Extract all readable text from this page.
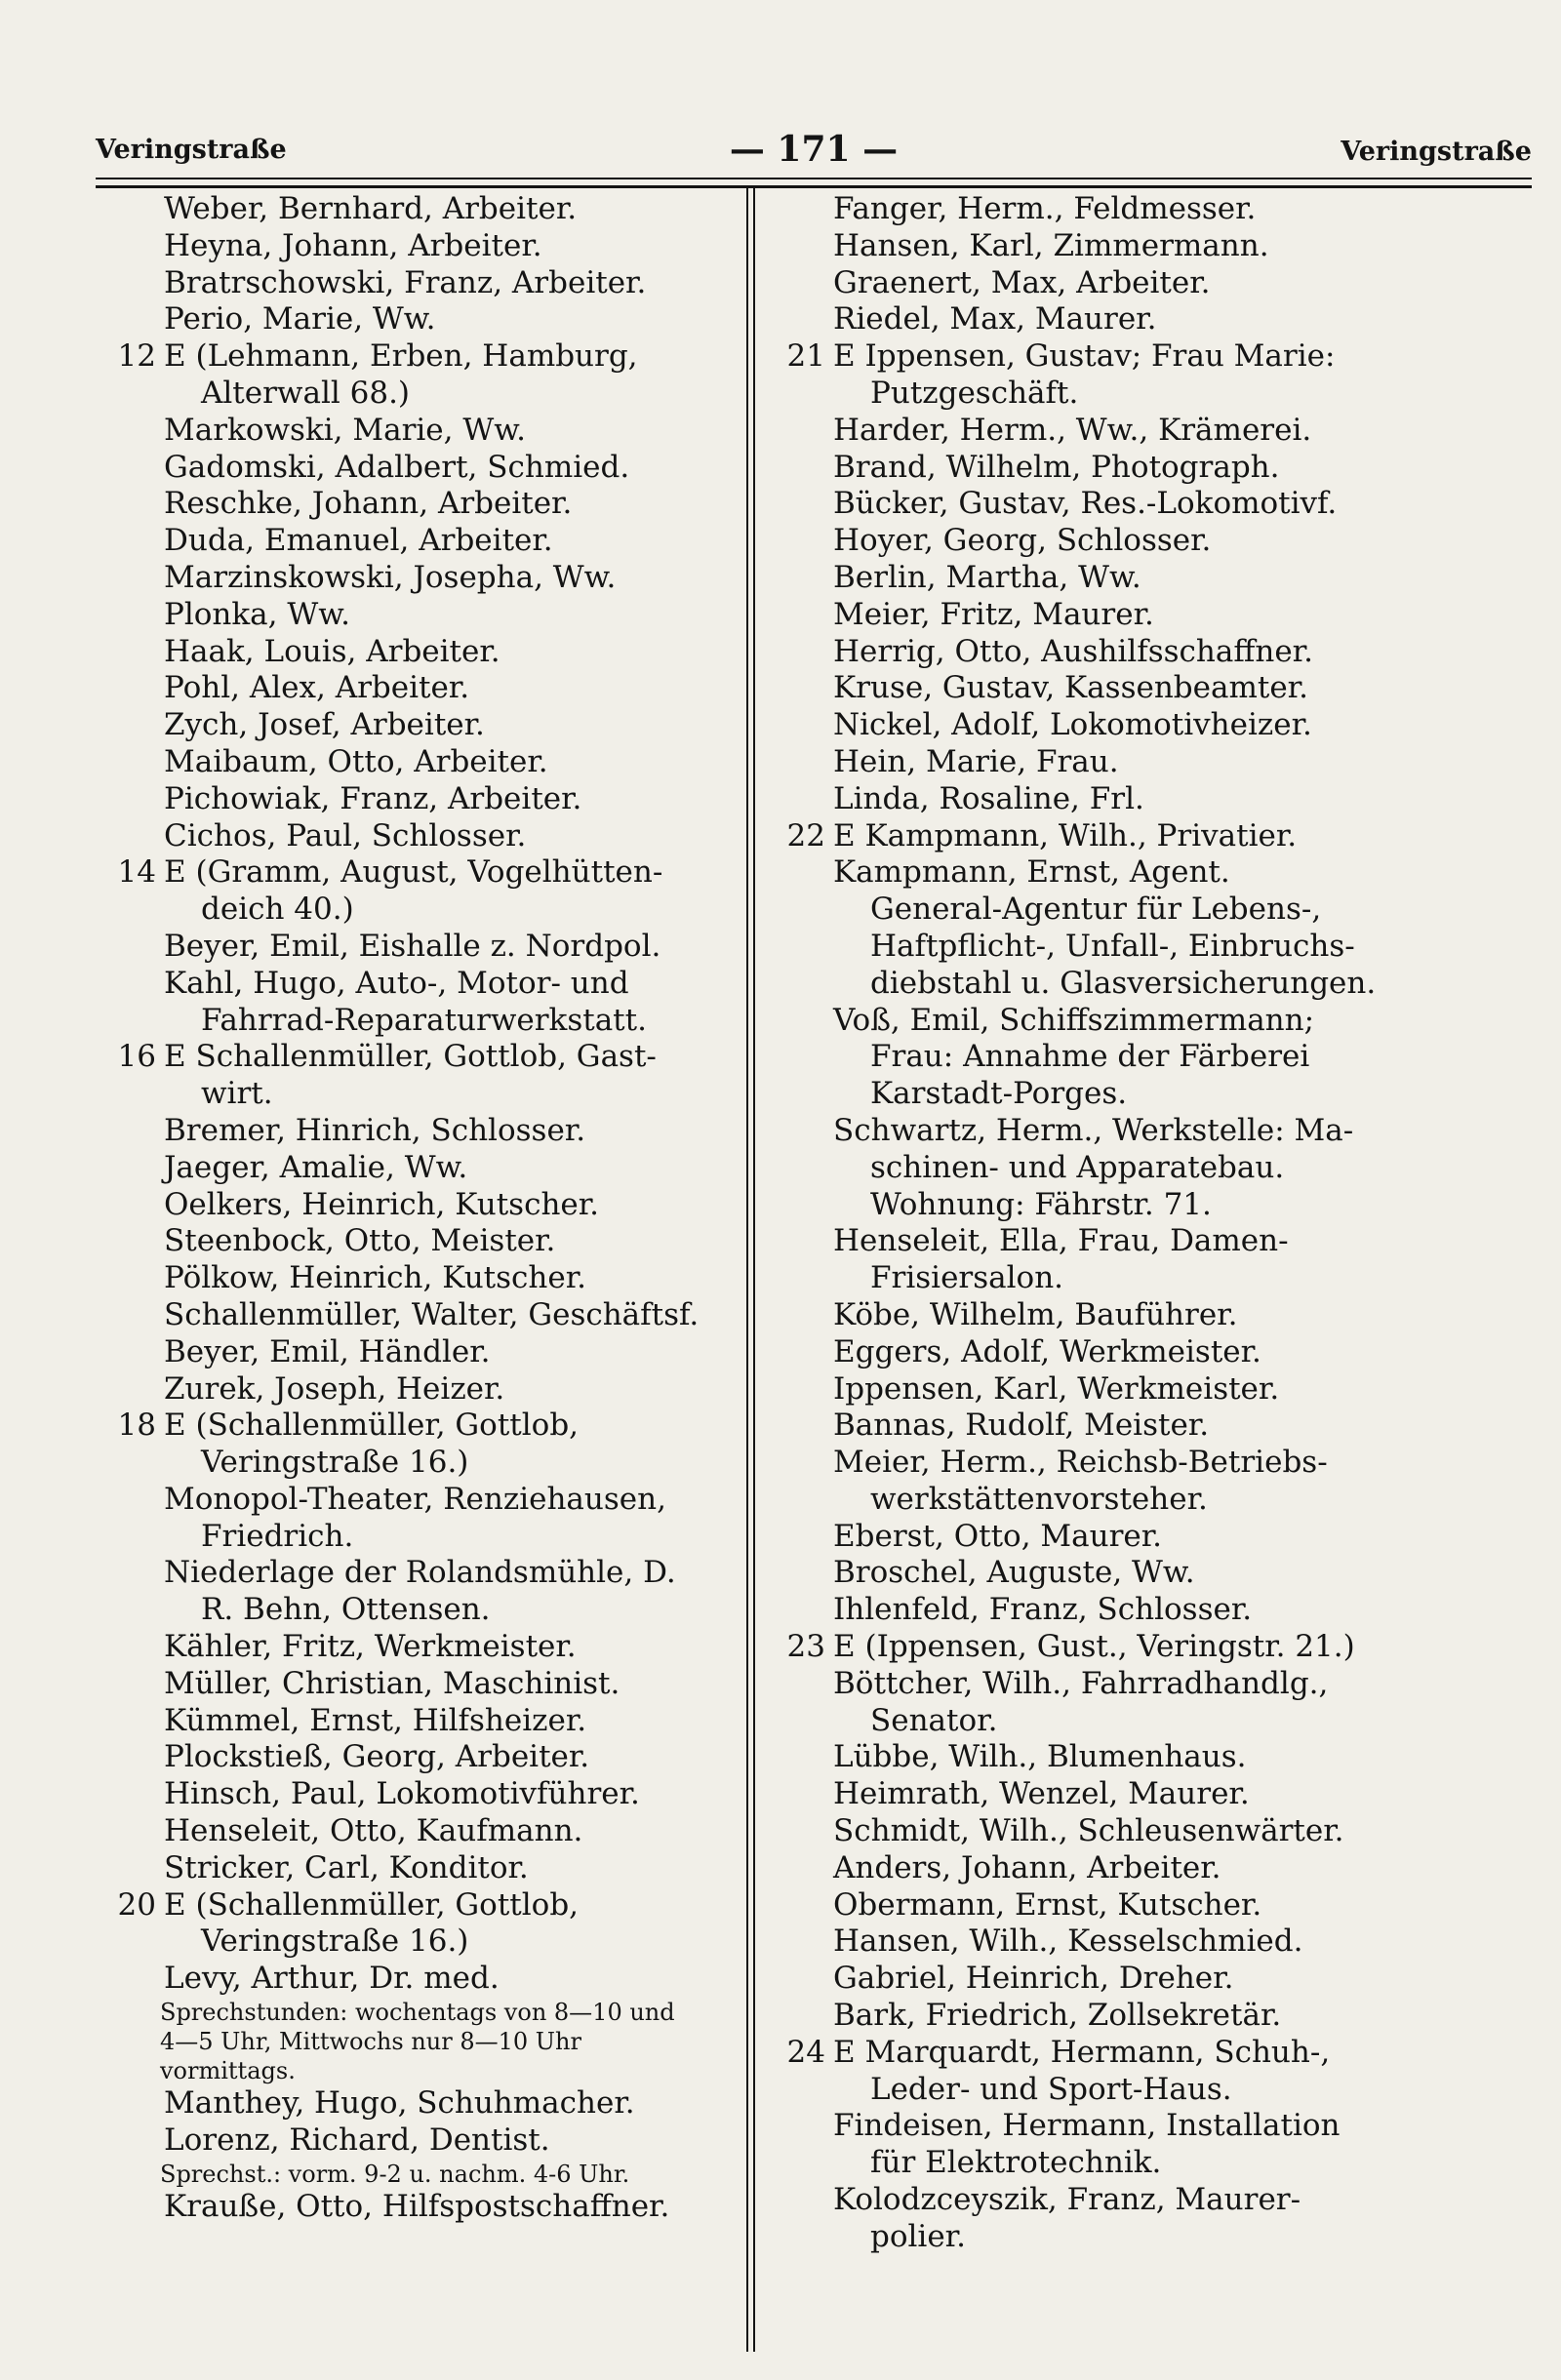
Veringstraße	— 171 —	Veringstraße
Weber, Bernhard, Arbeiter.
Heyna, Johann, Arbeiter.
Bratrschowski, Franz, Arbeiter.
Perio, Marie, Ww.
12 E (Lehmann, Erben, Hamburg,
Alterwall 68.)
Markowski, Marie, Ww.
Gadomski, Adalbert, Schmied.
Reschke, Johann, Arbeiter.
Duda, Emanuel, Arbeiter.
Marzinskowski, Josepha, Ww.
Plonka, Ww.
Haak, Louis, Arbeiter.
Pohl, Alex, Arbeiter.
Zych, Josef, Arbeiter.
Maibaum, Otto, Arbeiter.
Pichowiak, Franz, Arbeiter.
Cichos, Paul, Schlosser.
14 E (Gramm, August, Vogelhütten-
deich 40.)
Beyer, Emil, Eishalle z. Nordpol.
Kahl, Hugo, Auto-, Motor- und
Fahrrad-Reparaturwerkstatt.
16 E Schallenmüller, Gottlob, Gast-
wirt.
Bremer, Hinrich, Schlosser.
Jaeger, Amalie, Ww.
Oelkers, Heinrich, Kutscher.
Steenbock, Otto, Meister.
Pölkow, Heinrich, Kutscher.
Schallenmüller, Walter, Geschäftsf.
Beyer, Emil, Händler.
Zurek, Joseph, Heizer.
18 E (Schallenmüller, Gottlob,
Veringstraße 16.)
Monopol-Theater, Renziehausen,
Friedrich.
Niederlage der Rolandsmühle, D.
R. Behn, Ottensen.
Kähler, Fritz, Werkmeister.
Müller, Christian, Maschinist.
Kümmel, Ernst, Hilfsheizer.
Plockstieß, Georg, Arbeiter.
Hinsch, Paul, Lokomotivführer.
Henseleit, Otto, Kaufmann.
Stricker, Carl, Konditor.
20 E (Schallenmüller, Gottlob,
Veringstraße 16.)
Levy, Arthur, Dr. med.
Sprechstunden: wochentags von 8—10 und
4—5 Uhr, Mittwochs nur 8—10 Uhr
vormittags.
Manthey, Hugo, Schuhmacher.
Lorenz, Richard, Dentist.
Sprechst.: vorm. 9-2 u. nachm. 4-6 Uhr.
Krauße, Otto, Hilfspostschaffner.
Fanger, Herm., Feldmesser.
Hansen, Karl, Zimmermann.
Graenert, Max, Arbeiter.
Riedel, Max, Maurer.
21 E Ippensen, Gustav; Frau Marie:
Putzgeschäft.
Harder, Herm., Ww., Krämerei.
Brand, Wilhelm, Photograph.
Bücker, Gustav, Res.-Lokomotivf.
Hoyer, Georg, Schlosser.
Berlin, Martha, Ww.
Meier, Fritz, Maurer.
Herrig, Otto, Aushilfsschaffner.
Kruse, Gustav, Kassenbeamter.
Nickel, Adolf, Lokomotivheizer.
Hein, Marie, Frau.
Linda, Rosaline, Frl.
22 E Kampmann, Wilh., Privatier.
Kampmann, Ernst, Agent.
General-Agentur für Lebens-,
Haftpflicht-, Unfall-, Einbruchs-
diebstahl u. Glasversicherungen.
Voß, Emil, Schiffszimmermann;
Frau: Annahme der Färberei
Karstadt-Porges.
Schwartz, Herm., Werkstelle: Ma-
schinen- und Apparatebau.
Wohnung: Fährstr. 71.
Henseleit, Ella, Frau, Damen-
Frisiersalon.
Köbe, Wilhelm, Bauführer.
Eggers, Adolf, Werkmeister.
Ippensen, Karl, Werkmeister.
Bannas, Rudolf, Meister.
Meier, Herm., Reichsb-Betriebs-
werkstättenvorsteher.
Eberst, Otto, Maurer.
Broschel, Auguste, Ww.
Ihlenfeld, Franz, Schlosser.
23 E (Ippensen, Gust., Veringstr. 21.)
Böttcher, Wilh., Fahrradhandlg.,
Senator.
Lübbe, Wilh., Blumenhaus.
Heimrath, Wenzel, Maurer.
Schmidt, Wilh., Schleusenwärter.
Anders, Johann, Arbeiter.
Obermann, Ernst, Kutscher.
Hansen, Wilh., Kesselschmied.
Gabriel, Heinrich, Dreher.
Bark, Friedrich, Zollsekretär.
24 E Marquardt, Hermann, Schuh-,
Leder- und Sport-Haus.
Findeisen, Hermann, Installation
für Elektrotechnik.
Kolodzceyszik, Franz, Maurer-
polier.
